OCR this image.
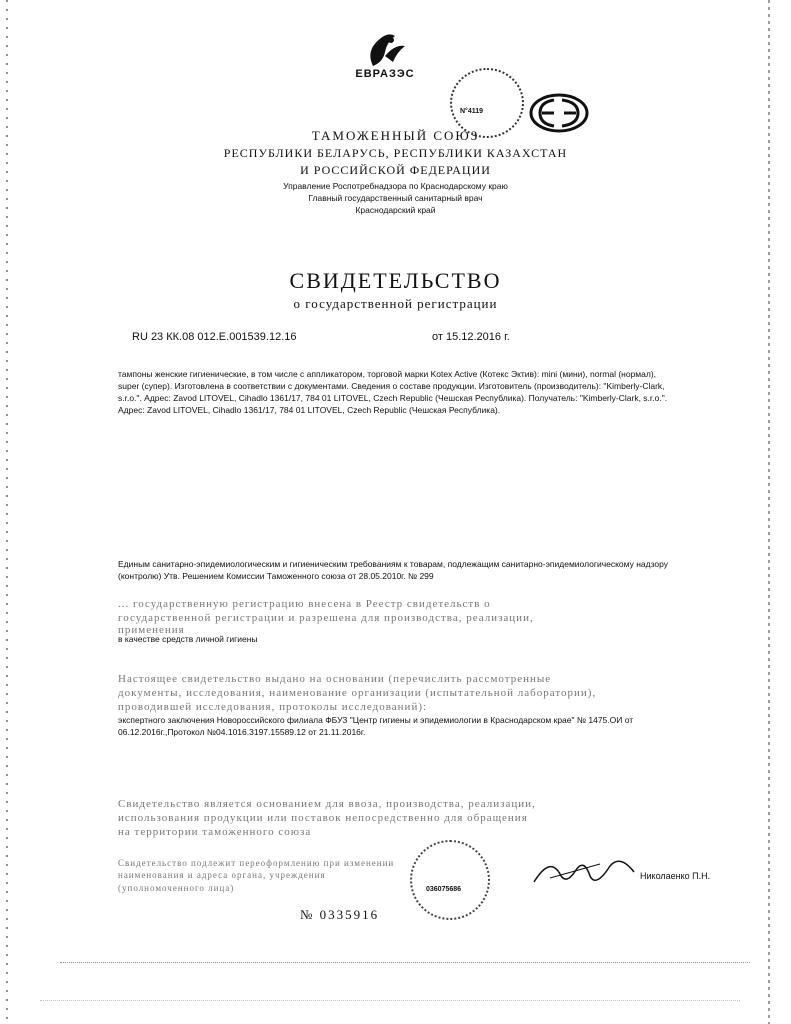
ЕВРАЗЭС
N°4119
ТАМОЖЕННЫЙ СОЮЗ
РЕСПУБЛИКИ БЕЛАРУСЬ, РЕСПУБЛИКИ КАЗАХСТАН
И РОССИЙСКОЙ ФЕДЕРАЦИИ
Управление Роспотребнадзора по Краснодарскому краю
Главный государственный санитарный врач
Краснодарский край
СВИДЕТЕЛЬСТВО
о государственной регистрации
RU 23 КК.08 012.Е.001539.12.16	от 15.12.2016 г.
тампоны женские гигиенические, в том числе с аппликатором, торговой марки Kotex Active (Котекс Эктив): mini (мини), normal (нормал), super (супер). Изготовлена в соответствии с документами. Сведения о составе продукции. Изготовитель (производитель): "Kimberly-Clark, s.r.o.". Адрес: Zavod LITOVEL, Cihadlo 1361/17, 784 01 LITOVEL, Czech Republic (Чешская Республика). Получатель: "Kimberly-Clark, s.r.o.". Адрес: Zavod LITOVEL, Cihadlo 1361/17, 784 01 LITOVEL, Czech Republic (Чешская Республика).
Единым санитарно-эпидемиологическим и гигиеническим требованиям к товарам, подлежащим санитарно-эпидемиологическому надзору (контролю) Утв. Решением Комиссии Таможенного союза от 28.05.2010г. № 299
... государственную регистрацию внесена в Реестр свидетельств о
государственной регистрации и разрешена для производства, реализации,
применения
в качестве средств личной гигиены
Настоящее свидетельство выдано на основании (перечислить рассмотренные
документы, исследования, наименование организации (испытательной лаборатории),
проводившей исследования, протоколы исследований):
экспертного заключения Новороссийского филиала ФБУЗ "Центр гигиены и эпидемиологии в Краснодарском крае" № 1475.ОИ от 06.12.2016г.,Протокол №04.1016.3197.15589.12 от 21.11.2016г.
Свидетельство является основанием для ввоза, производства, реализации,
использования продукции или поставок непосредственно для обращения
на территории таможенного союза
Свидетельство подлежит переоформлению при изменении
наименования и адреса органа, учреждения
(уполномоченного лица)	036075686
Николаенко П.Н.
№ 0335916
